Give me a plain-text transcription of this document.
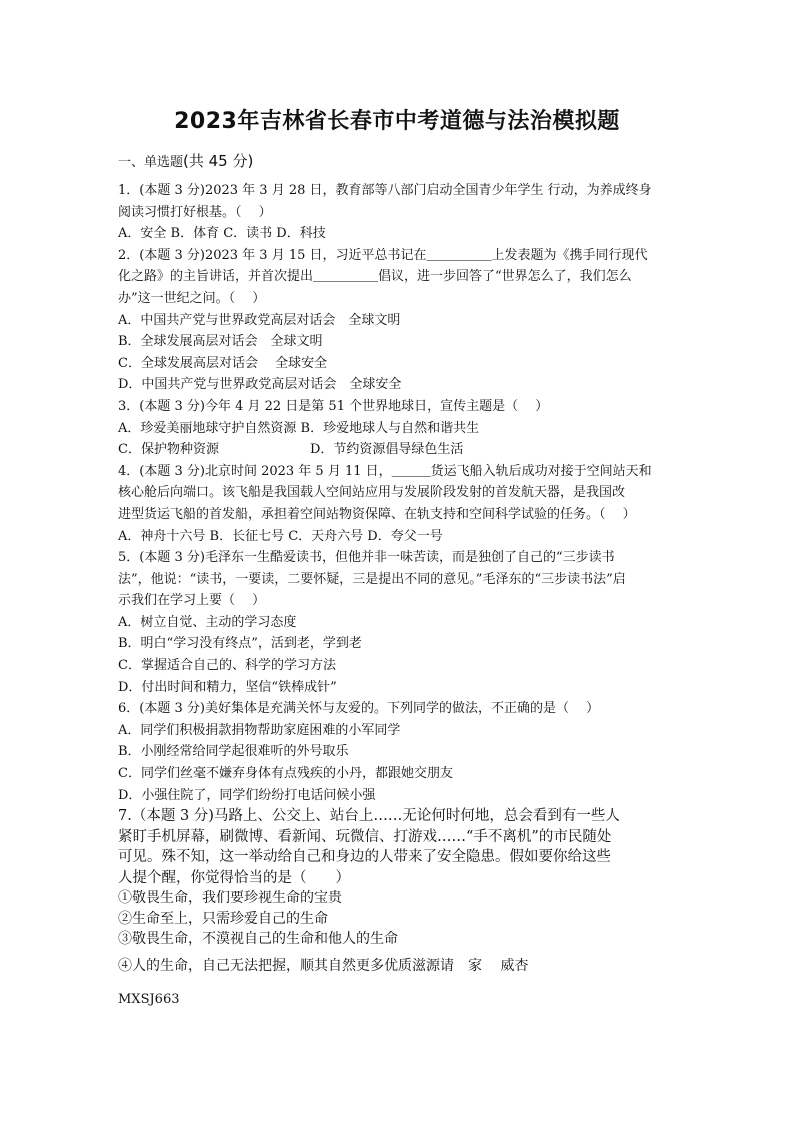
2023年吉林省长春市中考道德与法治模拟题
一、单选题(共 45 分)

1．(本题 3 分)2023 年 3 月 28 日，教育部等八部门启动全国青少年学生 行动，为养成终身

阅读习惯打好根基。（　 ）

A．安全 B．体育 C．读书 D．科技

2．(本题 3 分)2023 年 3 月 15 日，习近平总书记在＿＿＿＿＿上发表题为《携手同行现代

化之路》的主旨讲话，并首次提出＿＿＿＿＿倡议，进一步回答了“世界怎么了，我们怎么

办”这一世纪之问。（　 ）

A．中国共产党与世界政党高层对话会　全球文明

B．全球发展高层对话会　全球文明

C．全球发展高层对话会　 全球安全

D．中国共产党与世界政党高层对话会　全球安全

3．(本题 3 分)今年 4 月 22 日是第 51 个世界地球日，宣传主题是（　 ）

A．珍爱美丽地球守护自然资源 B．珍爱地球人与自然和谐共生

C．保护物种资源　　　　　　　D．节约资源倡导绿色生活

4．(本题 3 分)北京时间 2023 年 5 月 11 日，＿＿＿货运飞船入轨后成功对接于空间站天和

核心舱后向端口。该飞船是我国载人空间站应用与发展阶段发射的首发航天器，是我国改

进型货运飞船的首发船，承担着空间站物资保障、在轨支持和空间科学试验的任务。（　 ）

A．神舟十六号 B．长征七号 C．天舟六号 D．夸父一号

5．(本题 3 分)毛泽东一生酷爱读书，但他并非一味苦读，而是独创了自己的“三步读书

法”，他说：“读书，一要读，二要怀疑，三是提出不同的意见。”毛泽东的“三步读书法”启

示我们在学习上要（　 ）

A．树立自觉、主动的学习态度

B．明白“学习没有终点”，活到老，学到老

C．掌握适合自己的、科学的学习方法

D．付出时间和精力，坚信“铁棒成针”

6．(本题 3 分)美好集体是充满关怀与友爱的。下列同学的做法，不正确的是（　 ）

A．同学们积极捐款捐物帮助家庭困难的小军同学

B．小刚经常给同学起很难听的外号取乐

C．同学们丝毫不嫌弃身体有点残疾的小丹，都跟她交朋友

D．小强住院了，同学们纷纷打电话问候小强

7.（本题 3 分)马路上、公交上、站台上……无论何时何地，总会看到有一些人

紧盯手机屏幕，刷微博、看新闻、玩微信、打游戏……“手不离机”的市民随处

可见。殊不知，这一举动给自己和身边的人带来了安全隐患。假如要你给这些

人提个醒，你觉得恰当的是（　　）

①敬畏生命，我们要珍视生命的宝贵

②生命至上，只需珍爱自己的生命

③敬畏生命，不漠视自己的生命和他人的生命

④人的生命，自己无法把握，顺其自然更多优质滋源请　家　 威杏

MXSJ663
